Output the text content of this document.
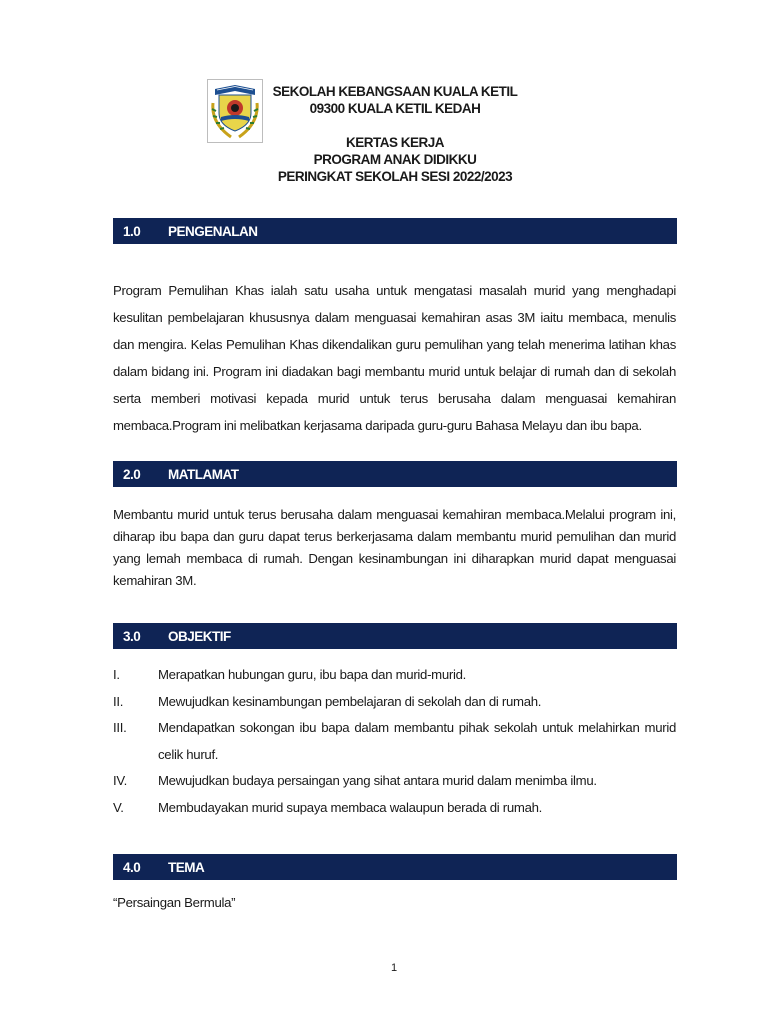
SEKOLAH KEBANGSAAN KUALA KETIL
09300 KUALA KETIL KEDAH
KERTAS KERJA
PROGRAM ANAK DIDIKKU
PERINGKAT SEKOLAH SESI 2022/2023
1.0 PENGENALAN
Program Pemulihan Khas ialah satu usaha untuk mengatasi masalah murid yang menghadapi kesulitan pembelajaran khususnya dalam menguasai kemahiran asas 3M iaitu membaca, menulis dan mengira. Kelas Pemulihan Khas dikendalikan guru pemulihan yang telah menerima latihan khas dalam bidang ini. Program ini diadakan bagi membantu murid untuk belajar di rumah dan di sekolah serta memberi motivasi kepada murid untuk terus berusaha dalam menguasai kemahiran membaca.Program ini melibatkan kerjasama daripada guru-guru Bahasa Melayu dan ibu bapa.
2.0 MATLAMAT
Membantu murid untuk terus berusaha dalam menguasai kemahiran membaca.Melalui program ini, diharap ibu bapa dan guru dapat terus berkerjasama dalam membantu murid pemulihan dan murid yang lemah membaca di rumah. Dengan kesinambungan ini diharapkan murid dapat menguasai kemahiran 3M.
3.0 OBJEKTIF
I.	Merapatkan hubungan guru, ibu bapa dan murid-murid.
II.	Mewujudkan kesinambungan pembelajaran di sekolah dan di rumah.
III. Mendapatkan sokongan ibu bapa dalam membantu pihak sekolah untuk melahirkan murid celik huruf.
IV. Mewujudkan budaya persaingan yang sihat antara murid dalam menimba ilmu.
V.	Membudayakan murid supaya membaca walaupun berada di rumah.
4.0 TEMA
“Persaingan Bermula”
1
